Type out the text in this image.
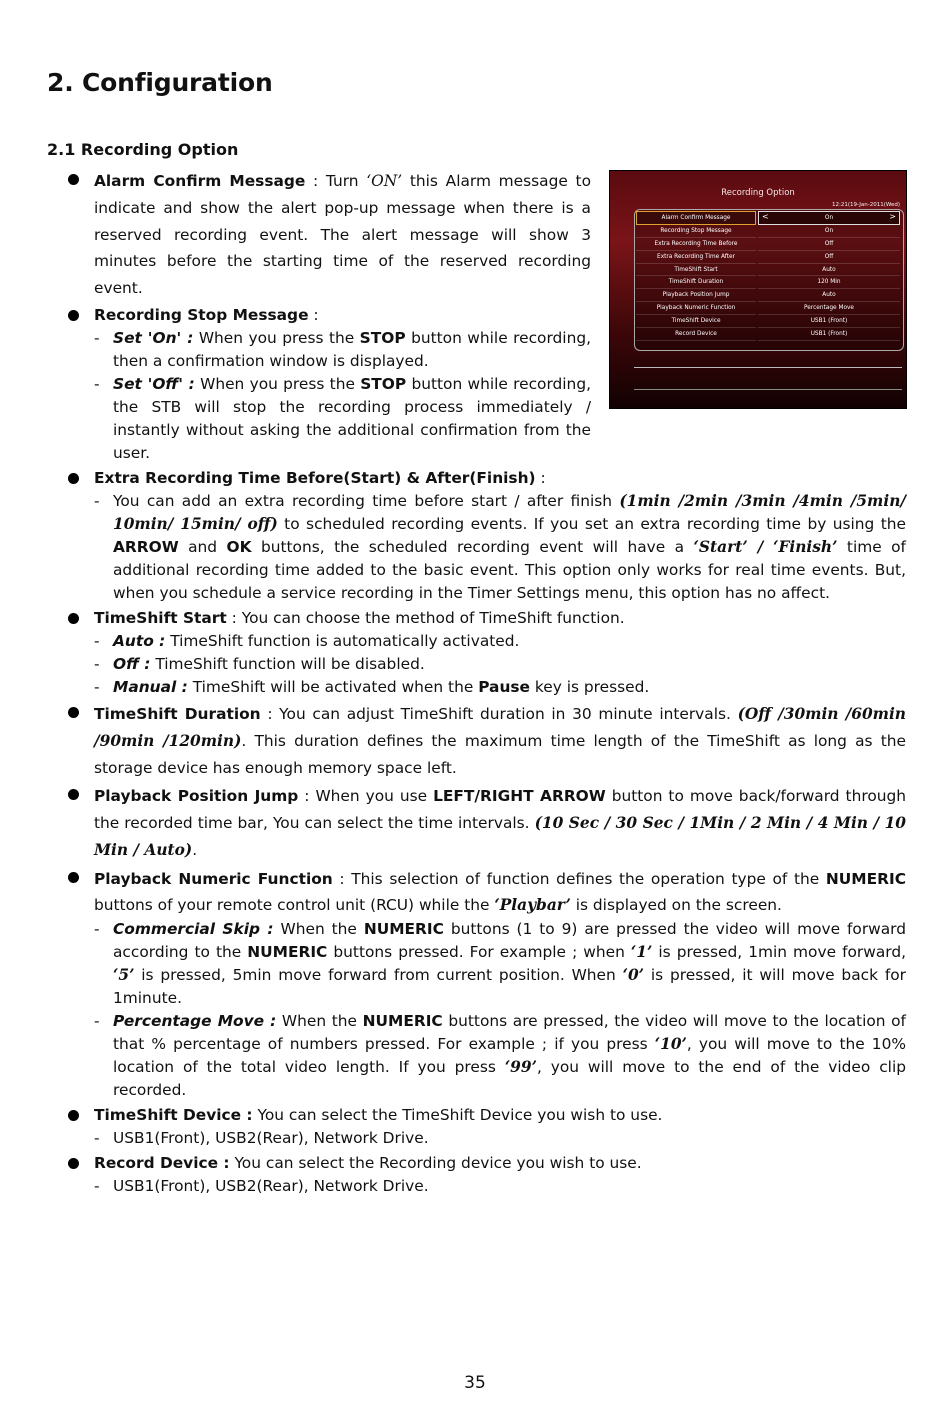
2. Configuration
2.1 Recording Option
Recording Option
12:21(19-Jan-2011(Wed)
Alarm Confirm Message
Recording Stop Message
Extra Recording Time Before
Extra Recording Time After
TimeShift Start
TimeShift Duration
Playback Position Jump
Playback Numeric Function
TimeShift Device
Record Device
<	On	>
On
Off
Off
Auto
120 Min
Auto
Percentage Move
USB1 (Front)
USB1 (Front)
Alarm Confirm Message : Turn ‘ON’ this Alarm message to indicate and show the alert pop-up message when there is a reserved recording event. The alert message will show 3 minutes before the starting time of the reserved recording event.
Recording Stop Message :
- Set 'On' : When you press the STOP button while recording, then a confirmation window is displayed.
- Set 'Off' : When you press the STOP button while recording, the STB will stop the recording process immediately / instantly without asking the additional confirmation from the user.
Extra Recording Time Before(Start) & After(Finish) :
- You can add an extra recording time before start / after finish (1min /2min /3min /4min /5min/ 10min/ 15min/ off) to scheduled recording events. If you set an extra recording time by using the ARROW and OK buttons, the scheduled recording event will have a ‘Start’ / ‘Finish’ time of additional recording time added to the basic event. This option only works for real time events. But, when you schedule a service recording in the Timer Settings menu, this option has no affect.
TimeShift Start : You can choose the method of TimeShift function.
- Auto : TimeShift function is automatically activated.
- Off : TimeShift function will be disabled.
- Manual : TimeShift will be activated when the Pause key is pressed.
TimeShift Duration : You can adjust TimeShift duration in 30 minute intervals. (Off /30min /60min /90min /120min). This duration defines the maximum time length of the TimeShift as long as the storage device has enough memory space left.
Playback Position Jump : When you use LEFT/RIGHT ARROW button to move back/forward through the recorded time bar, You can select the time intervals. (10 Sec / 30 Sec / 1Min / 2 Min / 4 Min / 10 Min / Auto).
Playback Numeric Function : This selection of function defines the operation type of the NUMERIC buttons of your remote control unit (RCU) while the ‘Playbar’ is displayed on the screen.
- Commercial Skip : When the NUMERIC buttons (1 to 9) are pressed the video will move forward according to the NUMERIC buttons pressed. For example ; when ‘1’ is pressed, 1min move forward, ‘5’ is pressed, 5min move forward from current position. When ‘0’ is pressed, it will move back for 1minute.
- Percentage Move : When the NUMERIC buttons are pressed, the video will move to the location of that % percentage of numbers pressed. For example ; if you press ‘10’, you will move to the 10% location of the total video length. If you press ‘99’, you will move to the end of the video clip recorded.
TimeShift Device : You can select the TimeShift Device you wish to use.
- USB1(Front), USB2(Rear), Network Drive.
Record Device : You can select the Recording device you wish to use.
- USB1(Front), USB2(Rear), Network Drive.
35
